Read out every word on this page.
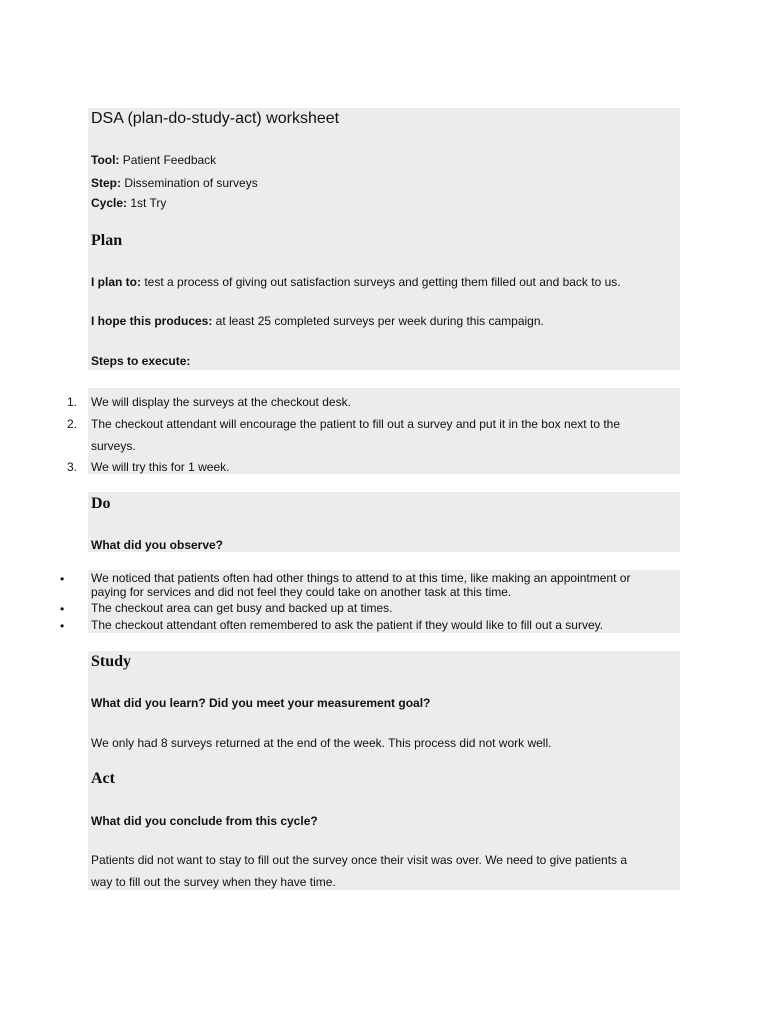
DSA (plan-do-study-act) worksheet
Tool: Patient Feedback
Step: Dissemination of surveys
Cycle: 1st Try
Plan
I plan to: test a process of giving out satisfaction surveys and getting them filled out and back to us.
I hope this produces: at least 25 completed surveys per week during this campaign.
Steps to execute:
1. We will display the surveys at the checkout desk.
2. The checkout attendant will encourage the patient to fill out a survey and put it in the box next to the
surveys.
3. We will try this for 1 week.
Do
What did you observe?
•	We noticed that patients often had other things to attend to at this time, like making an appointment or
paying for services and did not feel they could take on another task at this time.
•	The checkout area can get busy and backed up at times.
•	The checkout attendant often remembered to ask the patient if they would like to fill out a survey.
Study
What did you learn? Did you meet your measurement goal?
We only had 8 surveys returned at the end of the week. This process did not work well.
Act
What did you conclude from this cycle?
Patients did not want to stay to fill out the survey once their visit was over. We need to give patients a
way to fill out the survey when they have time.
